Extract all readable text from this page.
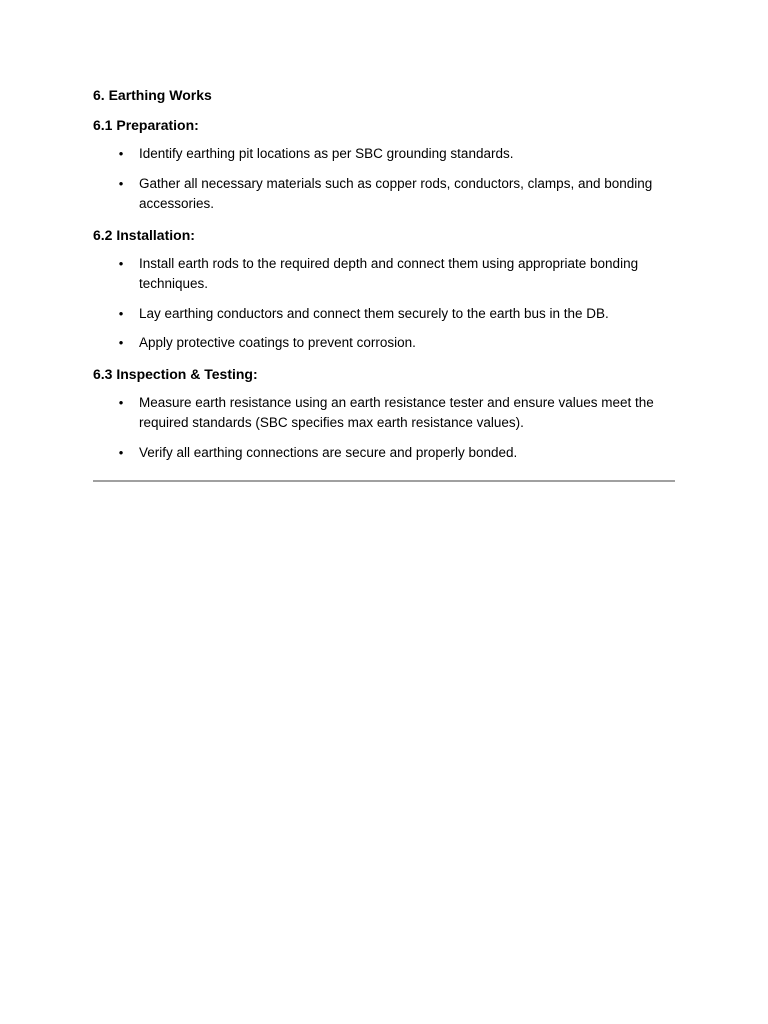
6. Earthing Works
6.1 Preparation:
• Identify earthing pit locations as per SBC grounding standards.
• Gather all necessary materials such as copper rods, conductors, clamps, and bonding accessories.
6.2 Installation:
• Install earth rods to the required depth and connect them using appropriate bonding techniques.
• Lay earthing conductors and connect them securely to the earth bus in the DB.
• Apply protective coatings to prevent corrosion.
6.3 Inspection & Testing:
• Measure earth resistance using an earth resistance tester and ensure values meet the required standards (SBC specifies max earth resistance values).
• Verify all earthing connections are secure and properly bonded.
